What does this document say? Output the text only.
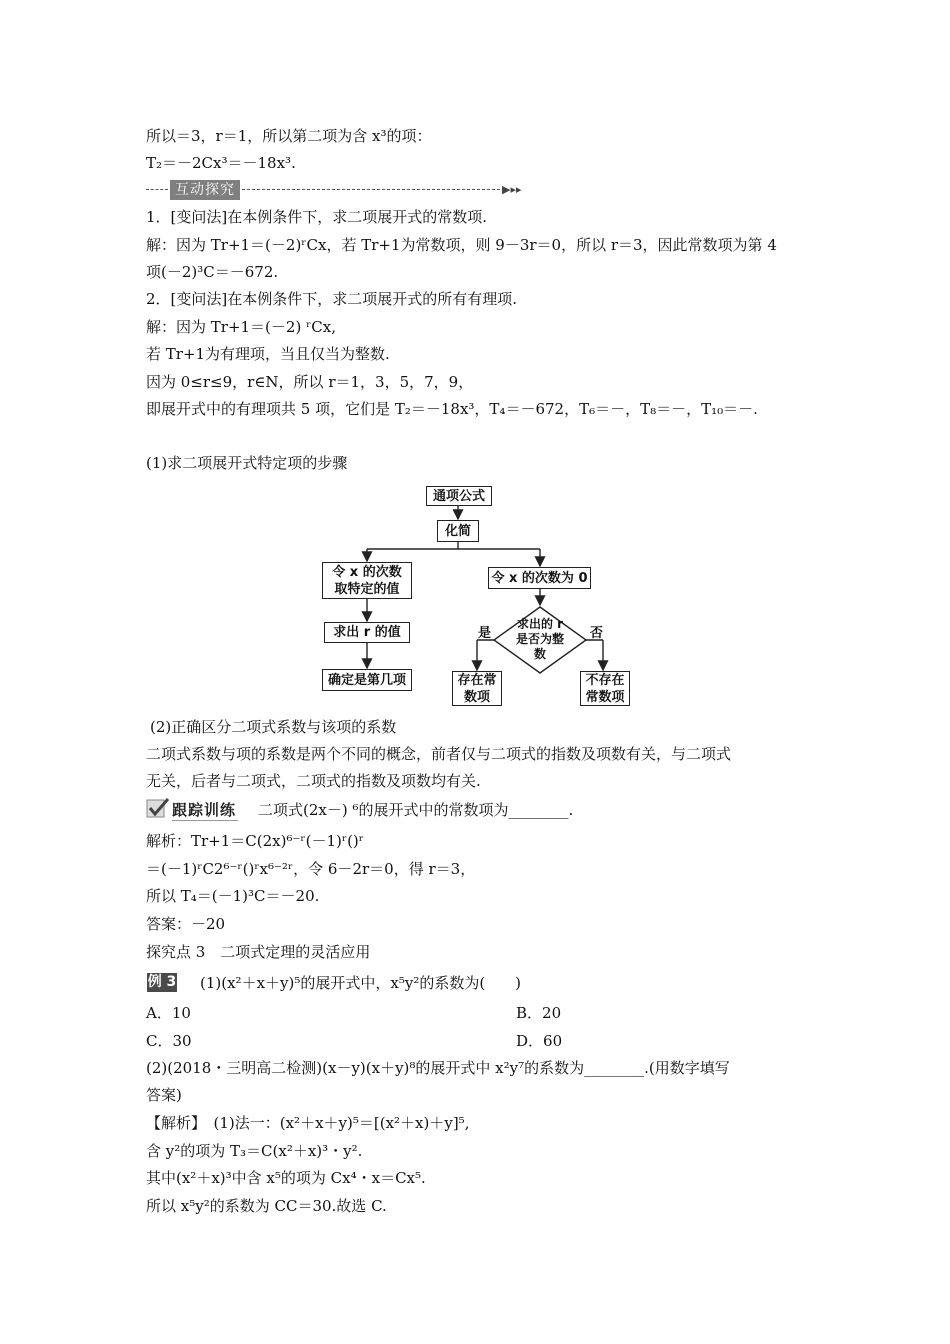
所以＝3，r＝1，所以第二项为含 x³的项：
T₂＝－2Cx³＝－18x³.
互动探究	▶▸▸
1．[变问法]在本例条件下，求二项展开式的常数项.
解：因为 Tr+1＝(－2)ʳCx，若 Tr+1为常数项，则 9－3r＝0，所以 r＝3，因此常数项为第 4
项(－2)³C＝－672.
2．[变问法]在本例条件下，求二项展开式的所有有理项.
解：因为 Tr+1＝(－2) ʳCx,
若 Tr+1为有理项，当且仅当为整数.
因为 0≤r≤9，r∈N，所以 r＝1，3，5，7，9，
即展开式中的有理项共 5 项，它们是 T₂＝－18x³，T₄＝－672，T₆＝－，T₈＝－，T₁₀＝－.
(1)求二项展开式特定项的步骤
通项公式
化简
令 x 的次数取特定的值
求出 r 的值
确定是第几项
令 x 的次数为 0
求出的 r 是否为整数
是	否
存在常数项
不存在常数项
(2)正确区分二项式系数与该项的系数
二项式系数与项的系数是两个不同的概念，前者仅与二项式的指数及项数有关，与二项式
无关，后者与二项式，二项式的指数及项数均有关.
跟踪训练 二项式(2x－) ⁶的展开式中的常数项为________.
解析：Tr+1＝C(2x)⁶⁻ʳ(－1)ʳ()ʳ
＝(－1)ʳC2⁶⁻ʳ()ʳx⁶⁻²ʳ，令 6－2r＝0，得 r＝3，
所以 T₄＝(－1)³C＝－20.
答案：－20
探究点 3　二项式定理的灵活应用
例 3 (1)(x²＋x＋y)⁵的展开式中，x⁵y²的系数为(　　)
A．10	B．20
C．30	D．60
(2)(2018・三明高二检测)(x－y)(x＋y)⁸的展开式中 x²y⁷的系数为________.(用数字填写
答案)
【解析】　(1)法一：(x²＋x＋y)⁵＝[(x²＋x)＋y]⁵,
含 y²的项为 T₃＝C(x²＋x)³・y².
其中(x²＋x)³中含 x⁵的项为 Cx⁴・x＝Cx⁵.
所以 x⁵y²的系数为 CC＝30.故选 C.
